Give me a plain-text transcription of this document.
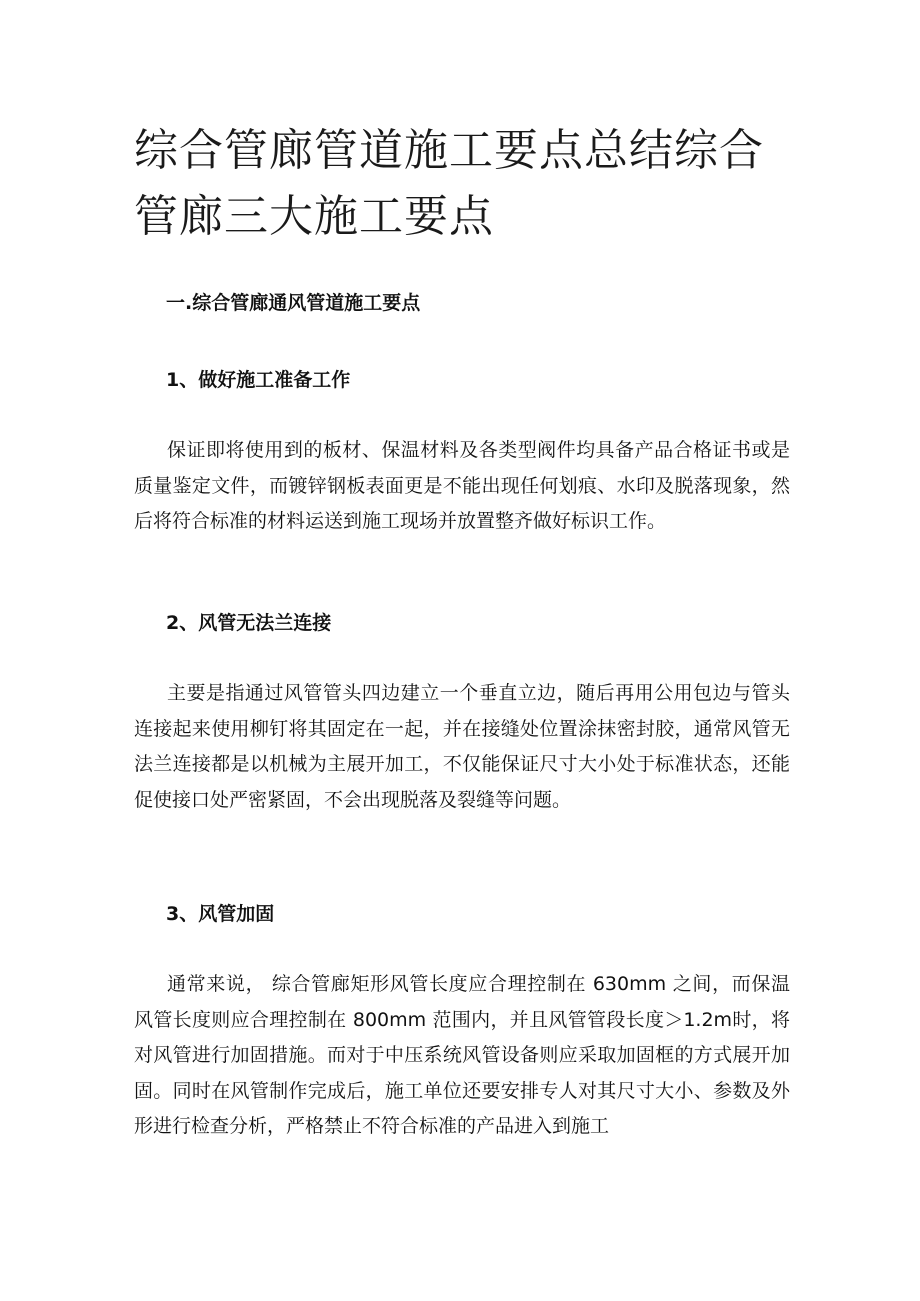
综合管廊管道施工要点总结综合管廊三大施工要点
一.综合管廊通风管道施工要点
1、做好施工准备工作

保证即将使用到的板材、保温材料及各类型阀件均具备产品合格证书或是质量鉴定文件，而镀锌钢板表面更是不能出现任何划痕、水印及脱落现象，然后将符合标准的材料运送到施工现场并放置整齐做好标识工作。

2、风管无法兰连接

主要是指通过风管管头四边建立一个垂直立边，随后再用公用包边与管头连接起来使用柳钉将其固定在一起，并在接缝处位置涂抹密封胶，通常风管无法兰连接都是以机械为主展开加工，不仅能保证尺寸大小处于标准状态，还能促使接口处严密紧固，不会出现脱落及裂缝等问题。

3、风管加固

通常来说， 综合管廊矩形风管长度应合理控制在 630mm 之间，而保温风管长度则应合理控制在 800mm 范围内，并且风管管段长度＞1.2m时，将对风管进行加固措施。而对于中压系统风管设备则应采取加固框的方式展开加固。同时在风管制作完成后，施工单位还要安排专人对其尺寸大小、参数及外形进行检查分析，严格禁止不符合标准的产品进入到施工
